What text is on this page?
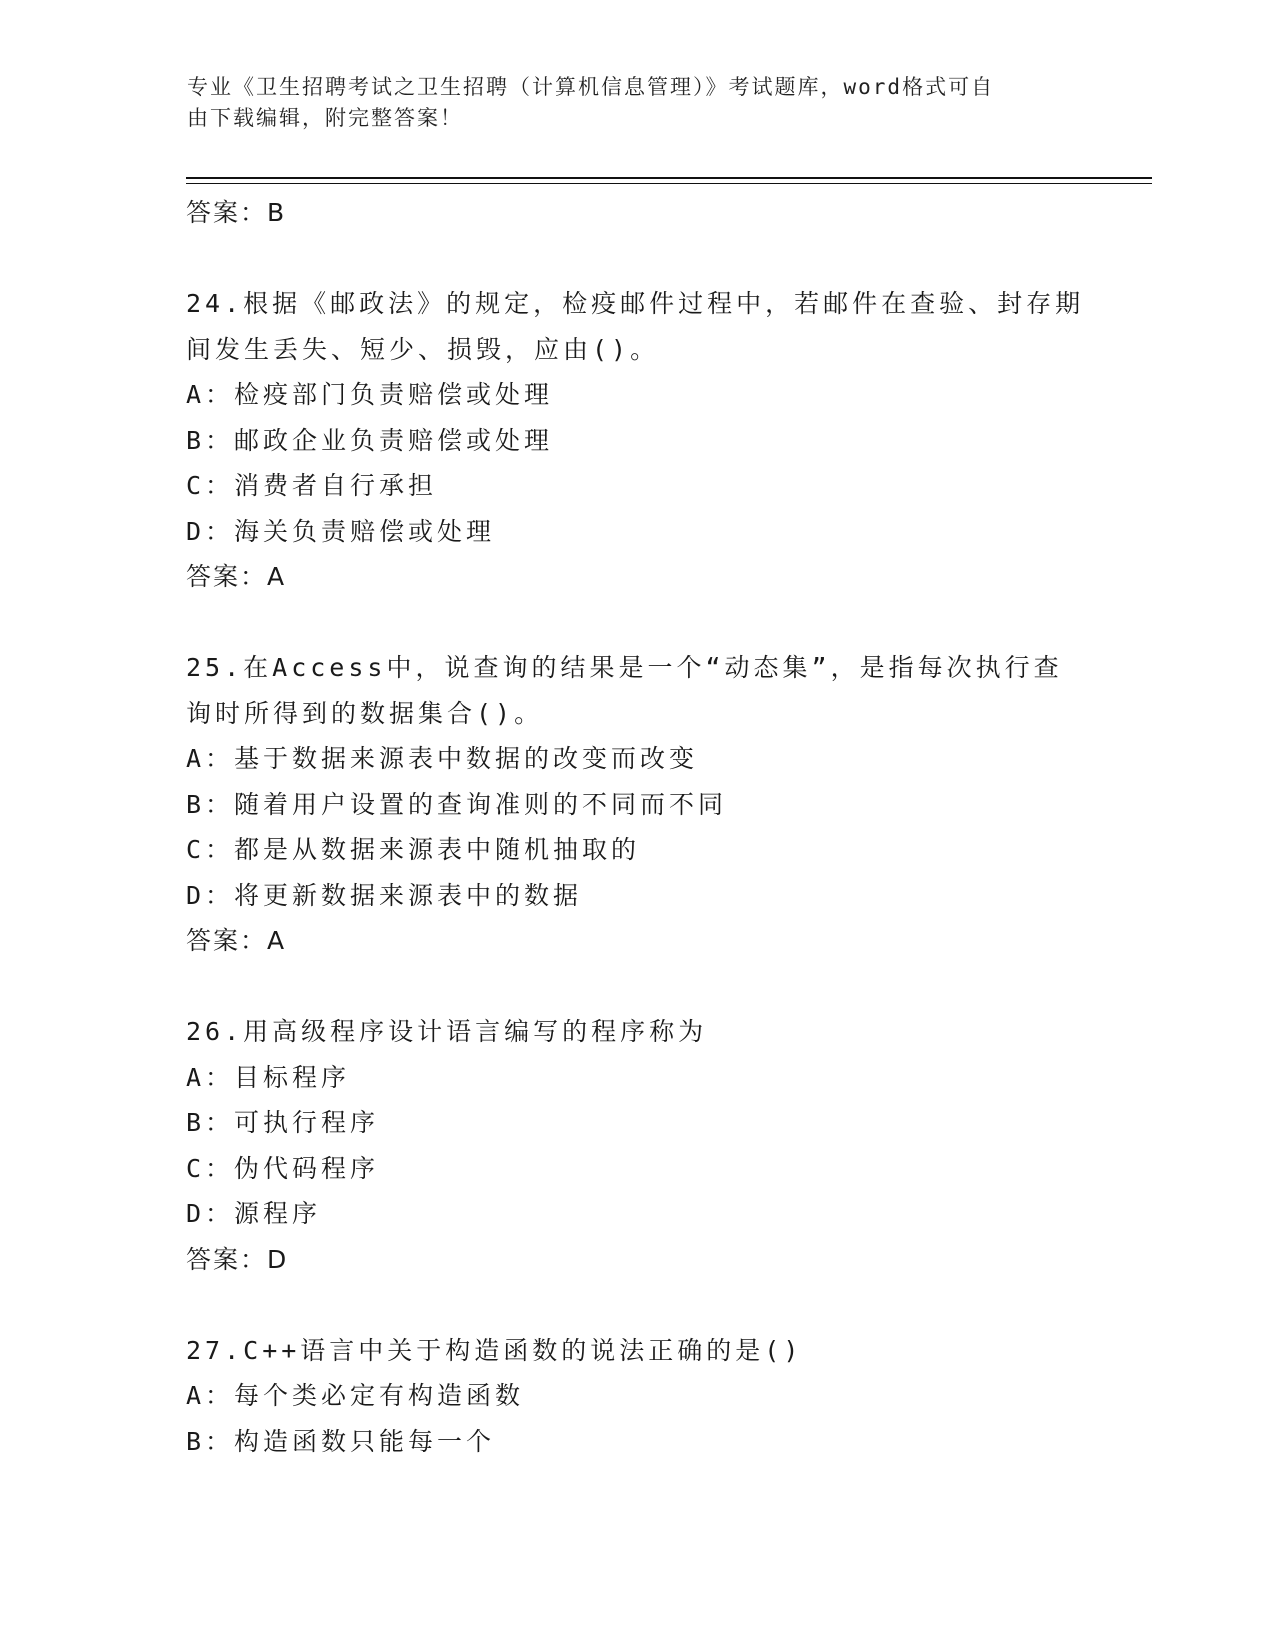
专业《卫生招聘考试之卫生招聘（计算机信息管理）》考试题库，word格式可自
由下载编辑，附完整答案！
答案：B
24.根据《邮政法》的规定，检疫邮件过程中，若邮件在查验、封存期
间发生丢失、短少、损毁，应由()。
A：检疫部门负责赔偿或处理
B：邮政企业负责赔偿或处理
C：消费者自行承担
D：海关负责赔偿或处理
答案：A
25.在Access中，说查询的结果是一个“动态集”，是指每次执行查
询时所得到的数据集合()。
A：基于数据来源表中数据的改变而改变
B：随着用户设置的查询准则的不同而不同
C：都是从数据来源表中随机抽取的
D：将更新数据来源表中的数据
答案：A
26.用高级程序设计语言编写的程序称为
A：目标程序
B：可执行程序
C：伪代码程序
D：源程序
答案：D
27.C++语言中关于构造函数的说法正确的是()
A：每个类必定有构造函数
B：构造函数只能每一个
